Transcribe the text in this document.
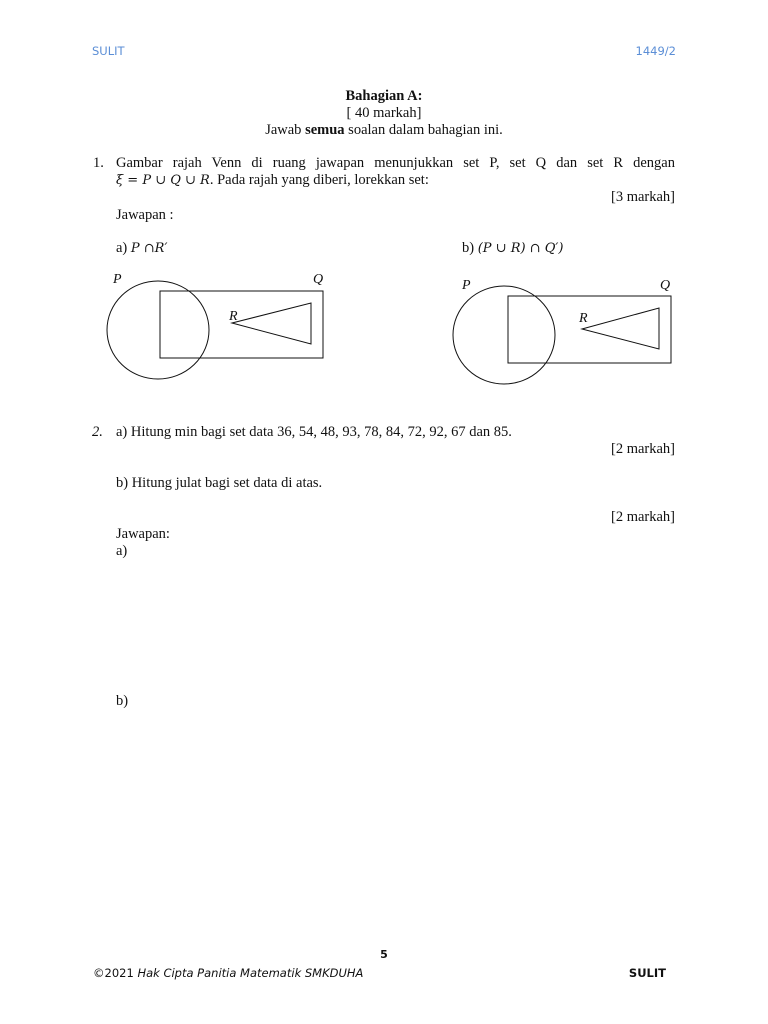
SULIT	1449/2
Bahagian A:
[ 40 markah]
Jawab semua soalan dalam bahagian ini.
1. Gambar rajah Venn di ruang jawapan menunjukkan set P, set Q dan set R dengan
ξ = P ∪ Q ∪ R. Pada rajah yang diberi, lorekkan set:
[3 markah]
Jawapan :
a) P ∩R′	b) (P ∪ R) ∩ Q′)
P	Q
R
P	Q
R
2. a) Hitung min bagi set data 36, 54, 48, 93, 78, 84, 72, 92, 67 dan 85.
[2 markah]
b) Hitung julat bagi set data di atas.
[2 markah]
Jawapan:
a)
b)
5
©2021 Hak Cipta Panitia Matematik SMKDUHA	SULIT
